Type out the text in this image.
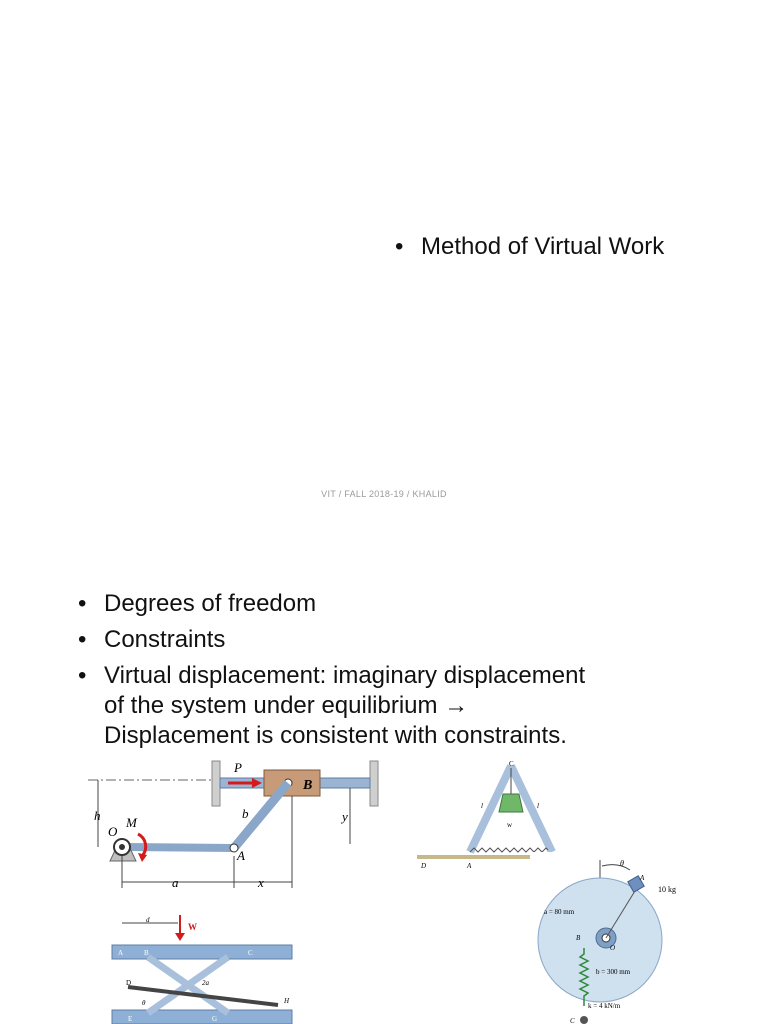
• Method of Virtual Work
VIT / FALL 2018-19 / KHALID
• Degrees of freedom
• Constraints
• Virtual displacement: imaginary displacement
of the system under equilibrium →
Displacement is consistent with constraints.
P
B
h
O
M
b	y
A
a	x
w
C
l	l
D	A
d
W
A	B	C
D	2a
θ
E	G
H
θ
A
10 kg
a = 80 mm
B
O
b = 300 mm
k = 4 kN/m
C
